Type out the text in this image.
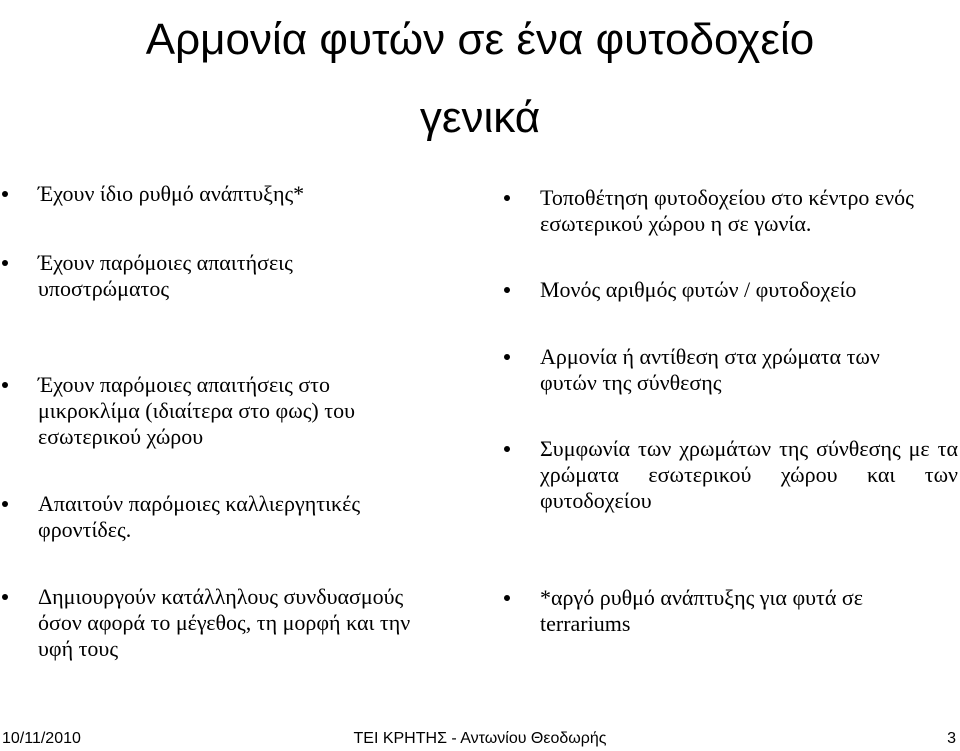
Αρμονία φυτών σε ένα φυτοδοχείο
γενικά
Έχουν ίδιο ρυθμό ανάπτυξης*
Έχουν παρόμοιες απαιτήσεις υποστρώματος
Έχουν παρόμοιες απαιτήσεις στο μικροκλίμα (ιδιαίτερα στο φως) του εσωτερικού χώρου
Απαιτούν παρόμοιες καλλιεργητικές φροντίδες.
Δημιουργούν κατάλληλους συνδυασμούς όσον αφορά το μέγεθος, τη μορφή και την υφή τους
Τοποθέτηση φυτοδοχείου στο κέντρο ενός εσωτερικού χώρου η σε γωνία.
Μονός αριθμός φυτών / φυτοδοχείο
Αρμονία ή αντίθεση στα χρώματα των φυτών της σύνθεσης
Συμφωνία των χρωμάτων της σύνθεσης με τα χρώματα εσωτερικού χώρου και των φυτοδοχείου
*αργό ρυθμό ανάπτυξης για φυτά σε terrariums
10/11/2010	ΤΕΙ ΚΡΗΤΗΣ - Αντωνίου Θεοδωρής	3
